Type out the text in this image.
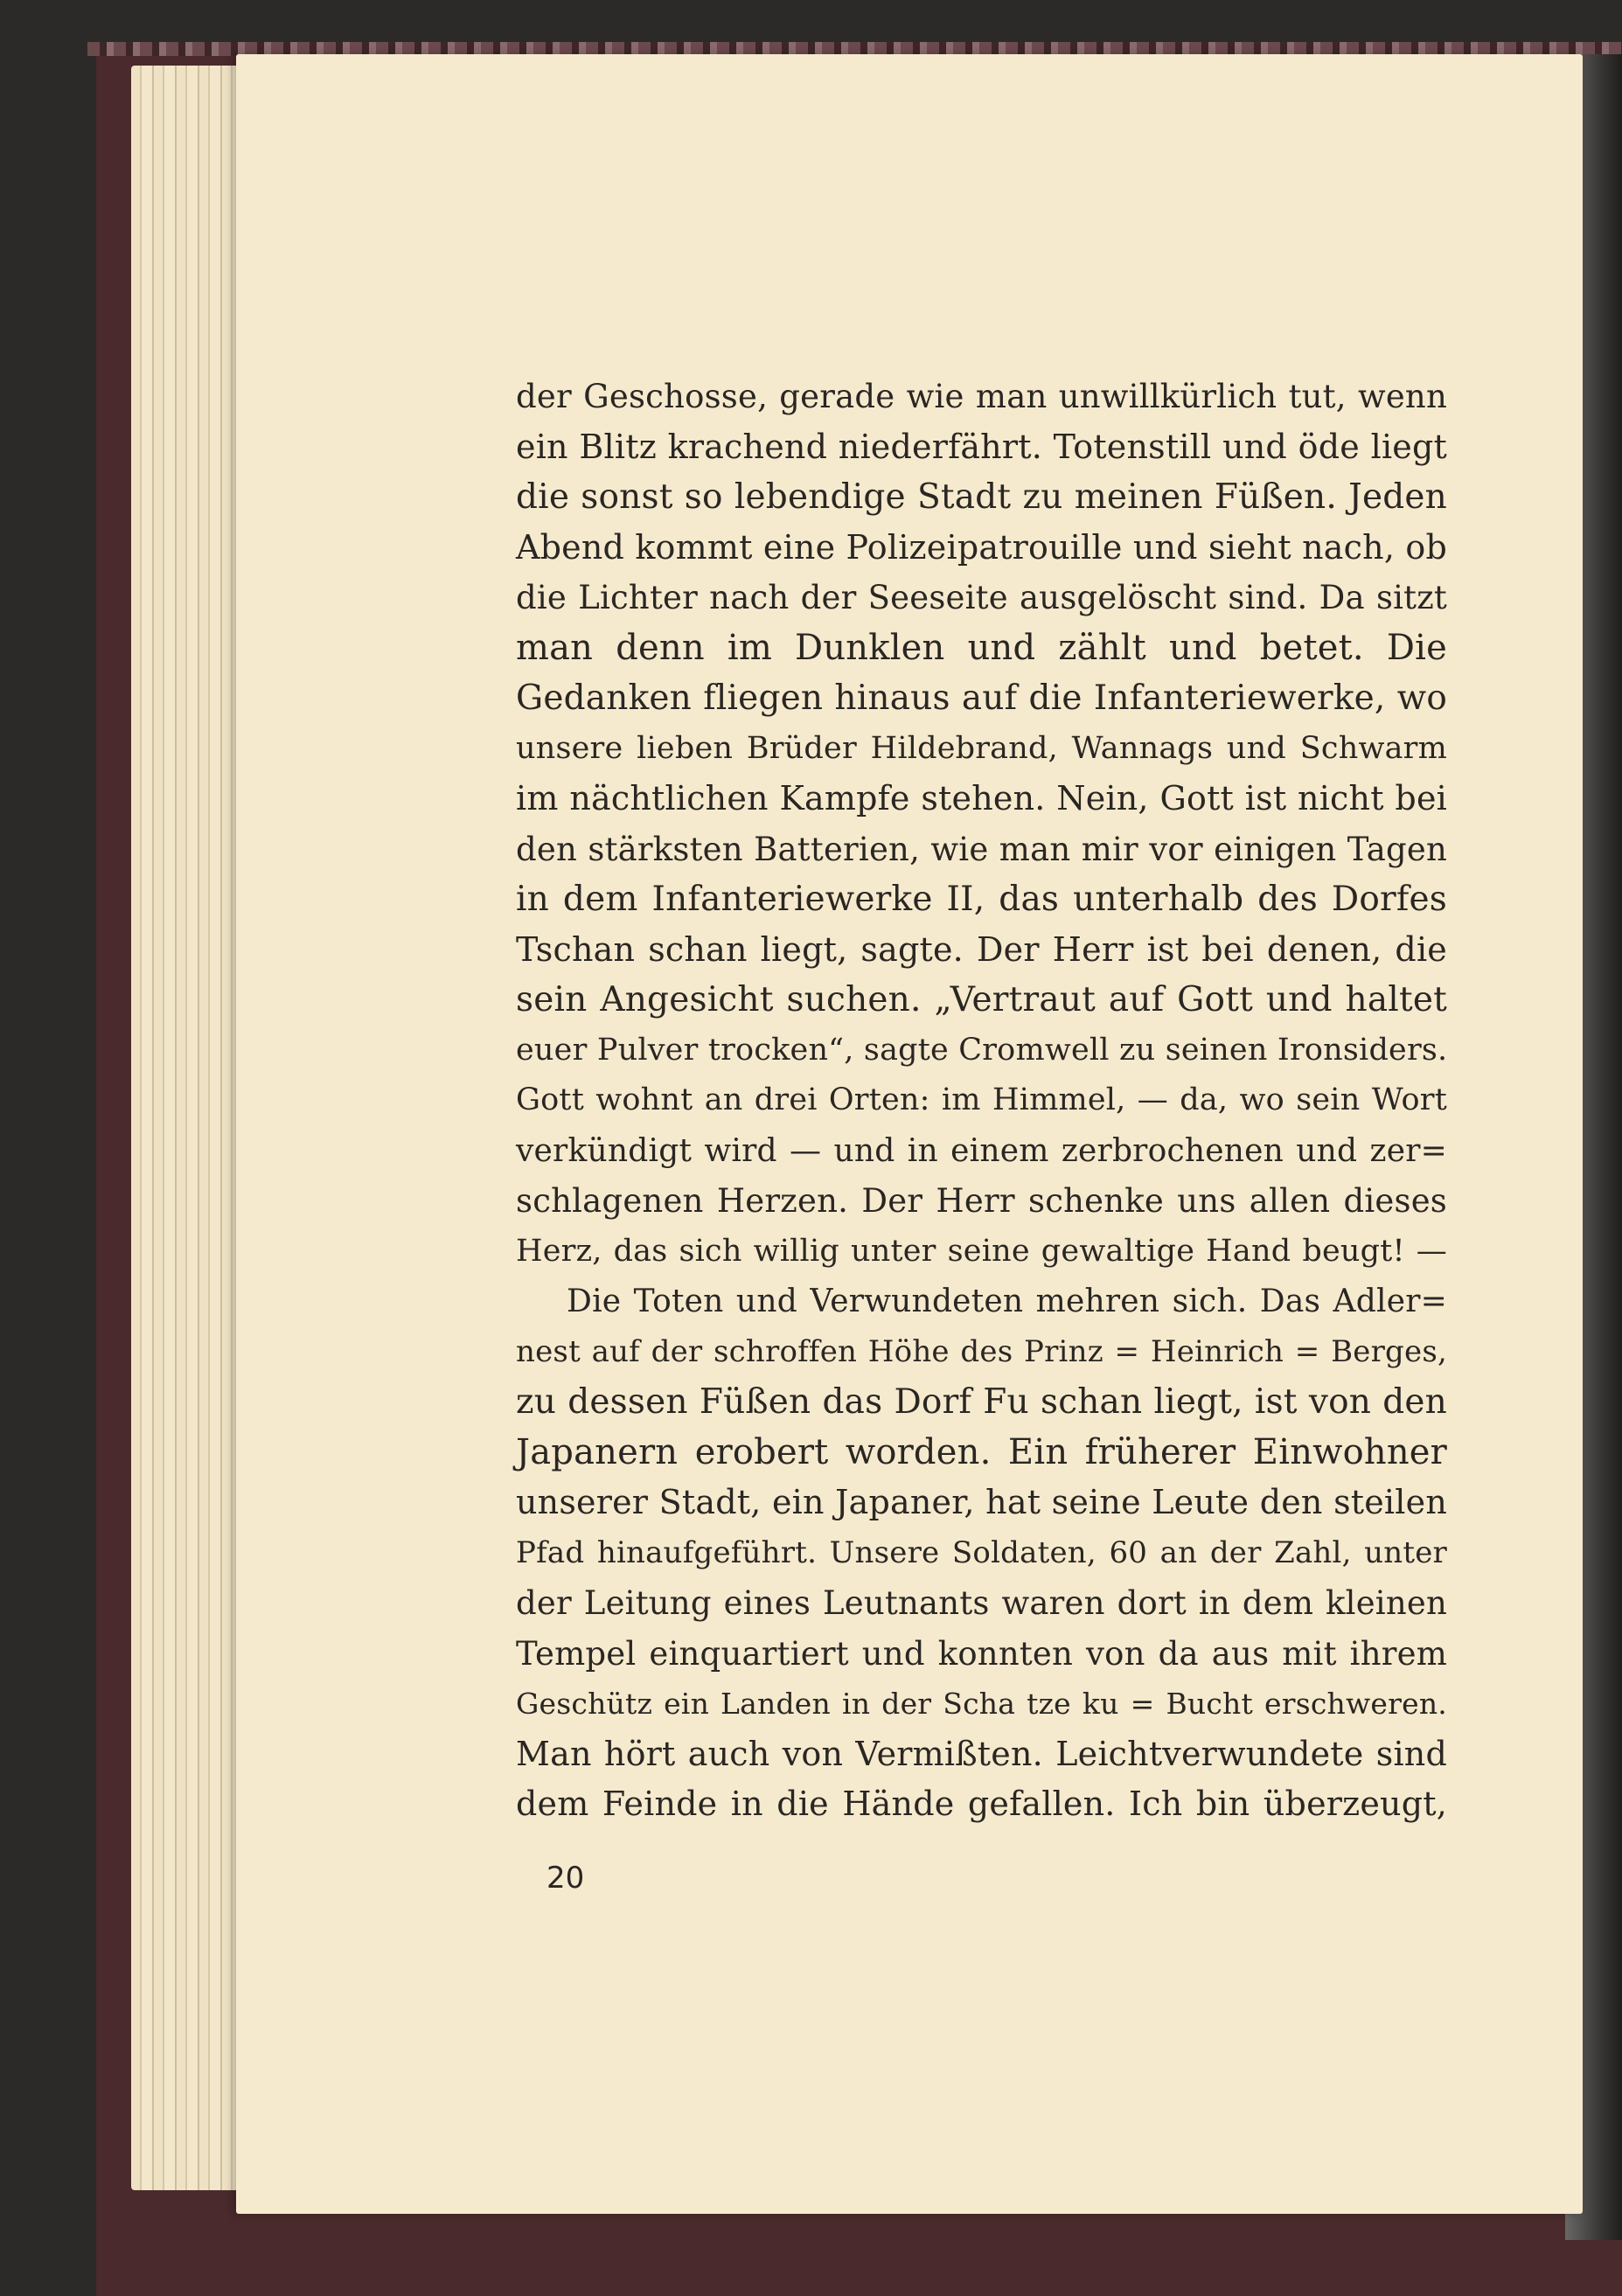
der Geschosse, gerade wie man unwillkürlich tut, wenn
ein Blitz krachend niederfährt. Totenstill und öde liegt
die sonst so lebendige Stadt zu meinen Füßen. Jeden
Abend kommt eine Polizeipatrouille und sieht nach, ob
die Lichter nach der Seeseite ausgelöscht sind. Da sitzt
man denn im Dunklen und zählt und betet. Die
Gedanken fliegen hinaus auf die Infanteriewerke, wo
unsere lieben Brüder Hildebrand, Wannags und Schwarm
im nächtlichen Kampfe stehen. Nein, Gott ist nicht bei
den stärksten Batterien, wie man mir vor einigen Tagen
in dem Infanteriewerke II, das unterhalb des Dorfes
Tschan schan liegt, sagte. Der Herr ist bei denen, die
sein Angesicht suchen. „Vertraut auf Gott und haltet
euer Pulver trocken“, sagte Cromwell zu seinen Ironsiders.
Gott wohnt an drei Orten: im Himmel, — da, wo sein Wort
verkündigt wird — und in einem zerbrochenen und zer=
schlagenen Herzen. Der Herr schenke uns allen dieses
Herz, das sich willig unter seine gewaltige Hand beugt! —
Die Toten und Verwundeten mehren sich. Das Adler=
nest auf der schroffen Höhe des Prinz = Heinrich = Berges,
zu dessen Füßen das Dorf Fu schan liegt, ist von den
Japanern erobert worden. Ein früherer Einwohner
unserer Stadt, ein Japaner, hat seine Leute den steilen
Pfad hinaufgeführt. Unsere Soldaten, 60 an der Zahl, unter
der Leitung eines Leutnants waren dort in dem kleinen
Tempel einquartiert und konnten von da aus mit ihrem
Geschütz ein Landen in der Scha tze ku = Bucht erschweren.
Man hört auch von Vermißten. Leichtverwundete sind
dem Feinde in die Hände gefallen. Ich bin überzeugt,
20
